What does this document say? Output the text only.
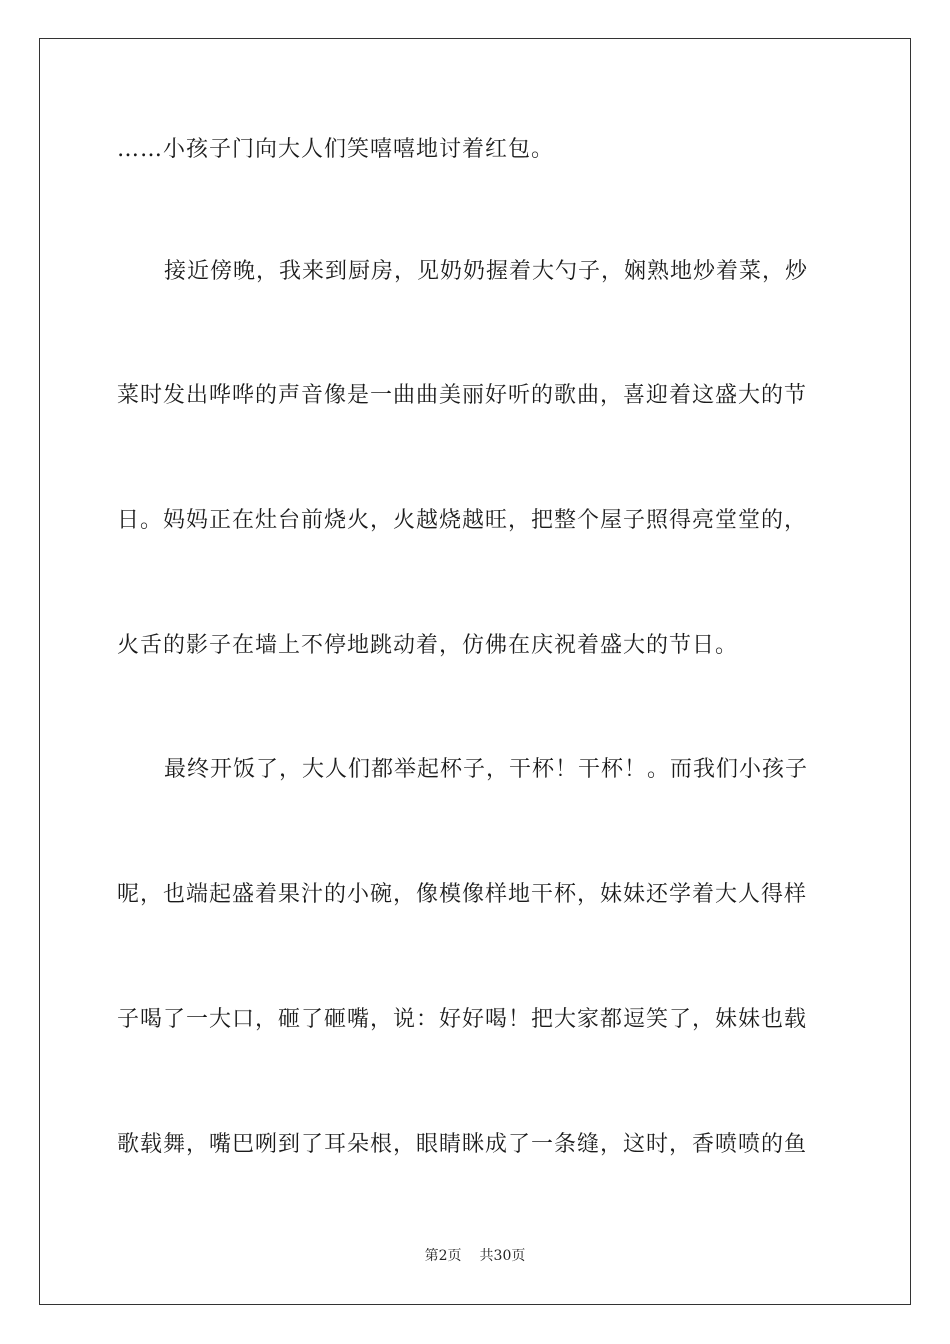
……小孩子门向大人们笑嘻嘻地讨着红包。
接近傍晚，我来到厨房，见奶奶握着大勺子，娴熟地炒着菜，炒
菜时发出哗哗的声音像是一曲曲美丽好听的歌曲，喜迎着这盛大的节
日。妈妈正在灶台前烧火，火越烧越旺，把整个屋子照得亮堂堂的，
火舌的影子在墙上不停地跳动着，仿佛在庆祝着盛大的节日。
最终开饭了，大人们都举起杯子，干杯！干杯！。而我们小孩子
呢，也端起盛着果汁的小碗，像模像样地干杯，妹妹还学着大人得样
子喝了一大口，砸了砸嘴，说：好好喝！把大家都逗笑了，妹妹也载
歌载舞，嘴巴咧到了耳朵根，眼睛眯成了一条缝，这时，香喷喷的鱼
第2页 共30页
